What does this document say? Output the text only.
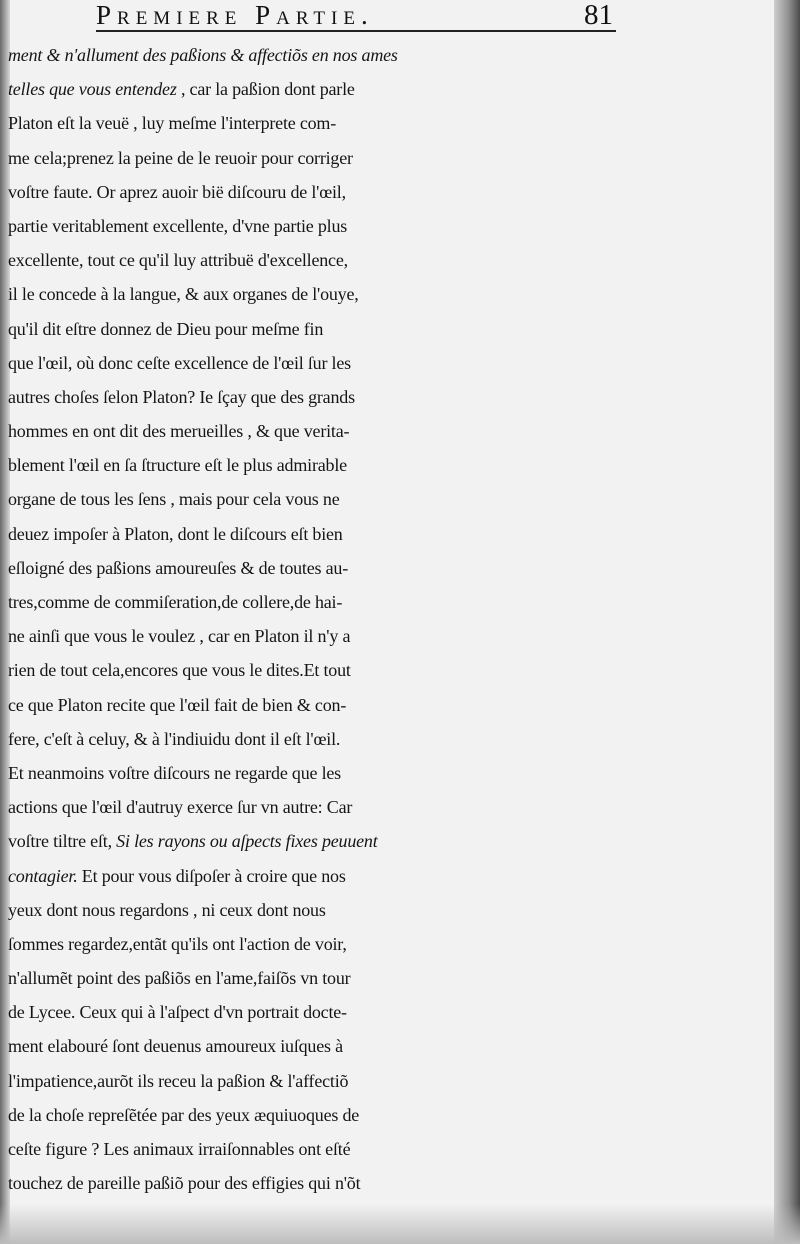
Premiere Partie.	81
ment & n'allument des paßions & affectiõs en nos ames
telles que vous entendez , car la paßion dont parle
Platon eſt la veuë , luy meſme l'interprete com-
me cela;prenez la peine de le reuoir pour corriger
voſtre faute. Or aprez auoir bië diſcouru de l'œil,
partie veritablement excellente, d'vne partie plus
excellente, tout ce qu'il luy attribuë d'excellence,
il le concede à la langue, & aux organes de l'ouye,
qu'il dit eſtre donnez de Dieu pour meſme fin
que l'œil, où donc ceſte excellence de l'œil ſur les
autres choſes ſelon Platon? Ie ſçay que des grands
hommes en ont dit des merueilles , & que verita-
blement l'œil en ſa ſtructure eſt le plus admirable
organe de tous les ſens , mais pour cela vous ne
deuez impoſer à Platon, dont le diſcours eſt bien
eſloigné des paßions amoureuſes & de toutes au-
tres,comme de commiſeration,de collere,de hai-
ne ainſi que vous le voulez , car en Platon il n'y a
rien de tout cela,encores que vous le dites.Et tout
ce que Platon recite que l'œil fait de bien & con-
fere, c'eſt à celuy, & à l'indiuidu dont il eſt l'œil.
Et neanmoins voſtre diſcours ne regarde que les
actions que l'œil d'autruy exerce ſur vn autre: Car
voſtre tiltre eſt, Si les rayons ou aſpects fixes peuuent
contagier. Et pour vous diſpoſer à croire que nos
yeux dont nous regardons , ni ceux dont nous
ſommes regardez,entãt qu'ils ont l'action de voir,
n'allumẽt point des paßiõs en l'ame,faiſõs vn tour
de Lycee. Ceux qui à l'aſpect d'vn portrait docte-
ment elabouré ſont deuenus amoureux iuſques à
l'impatience,aurõt ils receu la paßion & l'affectiõ
de la choſe repreſẽtée par des yeux æquiuoques de
ceſte figure ? Les animaux irraiſonnables ont eſté
touchez de pareille paßiõ pour des effigies qui n'õt
